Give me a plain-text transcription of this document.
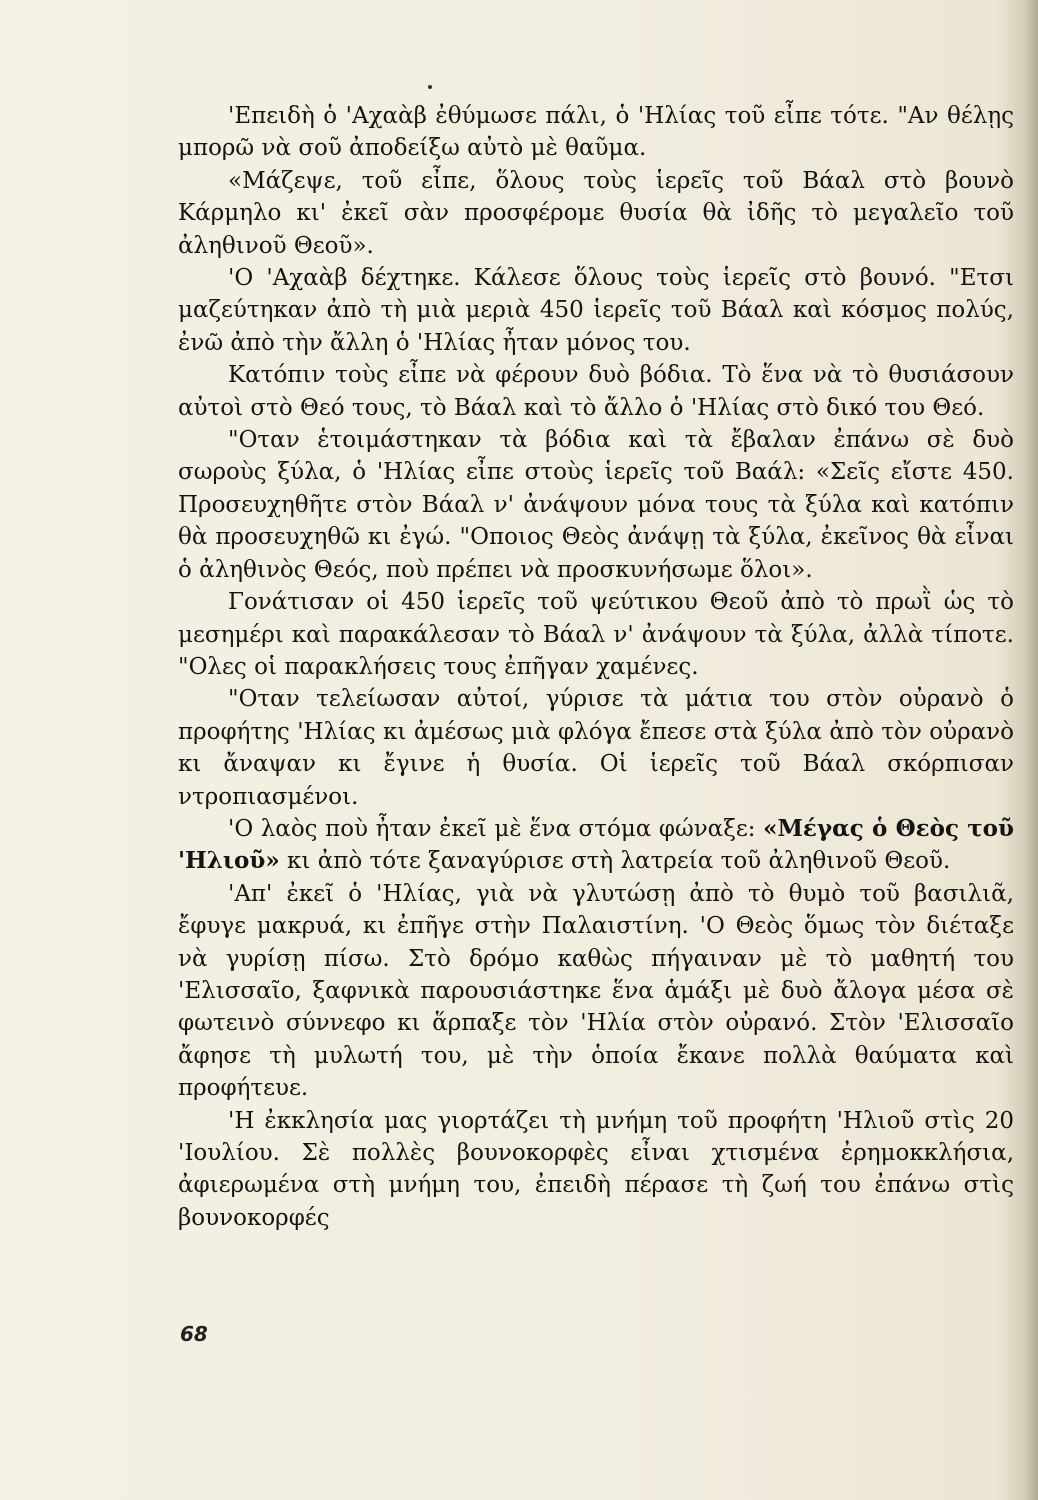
'Επειδὴ ὁ 'Αχαὰβ ἐθύμωσε πάλι, ὁ 'Ηλίας τοῦ εἶπε τότε. "Αν θέλῃς μπορῶ νὰ σοῦ ἀποδείξω αὐτὸ μὲ θαῦμα.

«Μάζεψε, τοῦ εἶπε, ὅλους τοὺς ἱερεῖς τοῦ Βάαλ στὸ βουνὸ Κάρμηλο κι' ἐκεῖ σὰν προσφέρομε θυσία θὰ ἰδῆς τὸ μεγαλεῖο τοῦ ἀληθινοῦ Θεοῦ».

'Ο 'Αχαὰβ δέχτηκε. Κάλεσε ὅλους τοὺς ἱερεῖς στὸ βουνό. "Ετσι μαζεύτηκαν ἀπὸ τὴ μιὰ μεριὰ 450 ἱερεῖς τοῦ Βάαλ καὶ κόσμος πολύς, ἐνῶ ἀπὸ τὴν ἄλλη ὁ 'Ηλίας ἦταν μόνος του.

Κατόπιν τοὺς εἶπε νὰ φέρουν δυὸ βόδια. Τὸ ἕνα νὰ τὸ θυσιάσουν αὐτοὶ στὸ Θεό τους, τὸ Βάαλ καὶ τὸ ἄλλο ὁ 'Ηλίας στὸ δικό του Θεό.

"Οταν ἑτοιμάστηκαν τὰ βόδια καὶ τὰ ἔβαλαν ἐπάνω σὲ δυὸ σωροὺς ξύλα, ὁ 'Ηλίας εἶπε στοὺς ἱερεῖς τοῦ Βαάλ: «Σεῖς εἴστε 450. Προσευχηθῆτε στὸν Βάαλ ν' ἀνάψουν μόνα τους τὰ ξύλα καὶ κατόπιν θὰ προσευχηθῶ κι ἐγώ. "Οποιος Θεὸς ἀνάψῃ τὰ ξύλα, ἐκεῖνος θὰ εἶναι ὁ ἀληθινὸς Θεός, ποὺ πρέπει νὰ προσκυνήσωμε ὅλοι».

Γονάτισαν οἱ 450 ἱερεῖς τοῦ ψεύτικου Θεοῦ ἀπὸ τὸ πρωῒ ὡς τὸ μεσημέρι καὶ παρακάλεσαν τὸ Βάαλ ν' ἀνάψουν τὰ ξύλα, ἀλλὰ τίποτε. "Ολες οἱ παρακλήσεις τους ἐπῆγαν χαμένες.

"Οταν τελείωσαν αὐτοί, γύρισε τὰ μάτια του στὸν οὐρανὸ ὁ προφήτης 'Ηλίας κι ἀμέσως μιὰ φλόγα ἔπεσε στὰ ξύλα ἀπὸ τὸν οὐρανὸ κι ἄναψαν κι ἔγινε ἡ θυσία. Οἱ ἱερεῖς τοῦ Βάαλ σκόρπισαν ντροπιασμένοι.

'Ο λαὸς ποὺ ἦταν ἐκεῖ μὲ ἕνα στόμα φώναξε: «Μέγας ὁ Θεὸς τοῦ 'Ηλιοῦ» κι ἀπὸ τότε ξαναγύρισε στὴ λατρεία τοῦ ἀληθινοῦ Θεοῦ.

'Απ' ἐκεῖ ὁ 'Ηλίας, γιὰ νὰ γλυτώσῃ ἀπὸ τὸ θυμὸ τοῦ βασιλιᾶ, ἔφυγε μακρυά, κι ἐπῆγε στὴν Παλαιστίνη. 'Ο Θεὸς ὅμως τὸν διέταξε νὰ γυρίσῃ πίσω. Στὸ δρόμο καθὼς πήγαιναν μὲ τὸ μαθητή του 'Ελισσαῖο, ξαφνικὰ παρουσιάστηκε ἕνα ἁμάξι μὲ δυὸ ἄλογα μέσα σὲ φωτεινὸ σύννεφο κι ἅρπαξε τὸν 'Ηλία στὸν οὐρανό. Στὸν 'Ελισσαῖο ἄφησε τὴ μυλωτή του, μὲ τὴν ὁποία ἔκανε πολλὰ θαύματα καὶ προφήτευε.

'Η ἐκκλησία μας γιορτάζει τὴ μνήμη τοῦ προφήτη 'Ηλιοῦ στὶς 20 'Ιουλίου. Σὲ πολλὲς βουνοκορφὲς εἶναι χτισμένα ἐρημοκκλήσια, ἀφιερωμένα στὴ μνήμη του, ἐπειδὴ πέρασε τὴ ζωή του ἐπάνω στὶς βουνοκορφές

68
